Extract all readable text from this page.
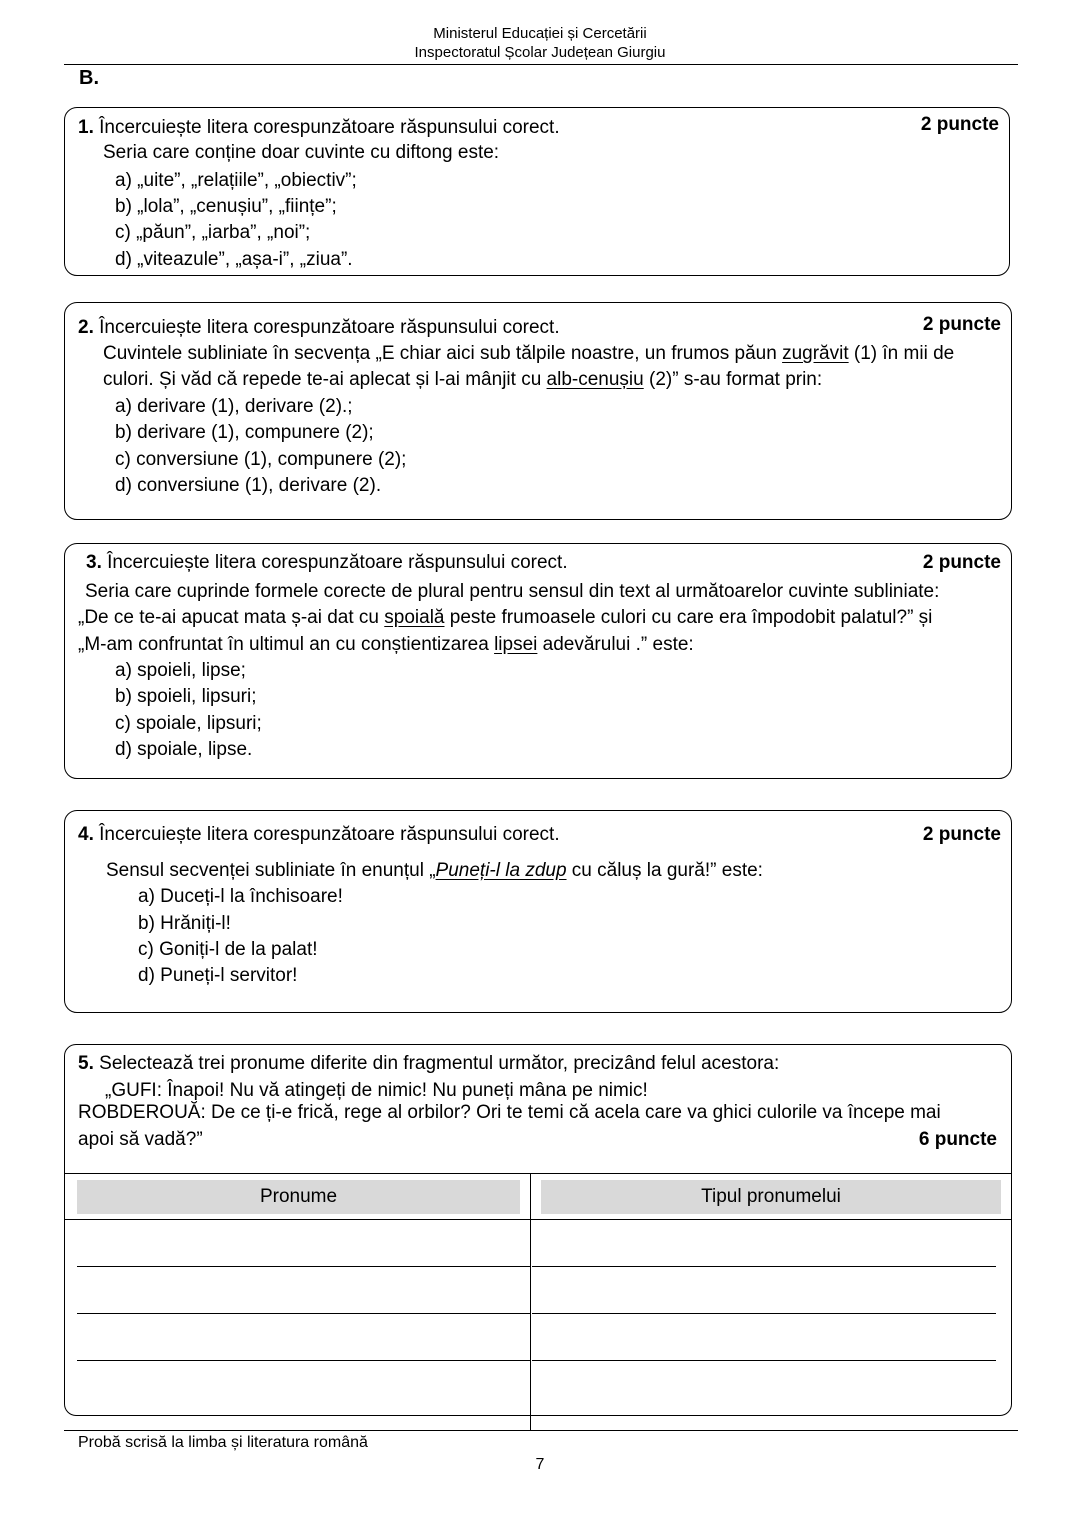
Ministerul Educației și Cercetării
Inspectoratul Școlar Județean Giurgiu
B.
1. Încercuiește litera corespunzătoare răspunsului corect.	2 puncte
Seria care conține doar cuvinte cu diftong este:
a) „uite”, „relațiile”, „obiectiv”;
b) „lola”, „cenușiu”, „ființe”;
c) „păun”, „iarba”, „noi”;
d) „viteazule”, „așa-i”, „ziua”.
2. Încercuiește litera corespunzătoare răspunsului corect.	2 puncte
Cuvintele subliniate în secvența „E chiar aici sub tălpile noastre, un frumos păun zugrăvit (1) în mii de
culori. Și văd că repede te-ai aplecat și l-ai mânjit cu alb-cenușiu (2)” s-au format prin:
a) derivare (1), derivare (2).;
b) derivare (1), compunere (2);
c) conversiune (1), compunere (2);
d) conversiune (1), derivare (2).
3. Încercuiește litera corespunzătoare răspunsului corect.	2 puncte
Seria care cuprinde formele corecte de plural pentru sensul din text al următoarelor cuvinte subliniate:
„De ce te-ai apucat mata ș-ai dat cu spoială peste frumoasele culori cu care era împodobit palatul?” și
„M-am confruntat în ultimul an cu conștientizarea lipsei adevărului .” este:
a) spoieli, lipse;
b) spoieli, lipsuri;
c) spoiale, lipsuri;
d) spoiale, lipse.
4. Încercuiește litera corespunzătoare răspunsului corect.	2 puncte
Sensul secvenței subliniate în enunțul „Puneți-l la zdup cu căluș la gură!” este:
a) Duceți-l la închisoare!
b) Hrăniți-l!
c) Goniți-l de la palat!
d) Puneți-l servitor!
5. Selectează trei pronume diferite din fragmentul următor, precizând felul acestora:
„GUFI: Înapoi! Nu vă atingeți de nimic! Nu puneți mâna pe nimic!
ROBDEROUĂ: De ce ți-e frică, rege al orbilor? Ori te temi că acela care va ghici culorile va începe mai
apoi să vadă?”	6 puncte
Pronume	Tipul pronumelui
Probă scrisă la limba și literatura română
7
